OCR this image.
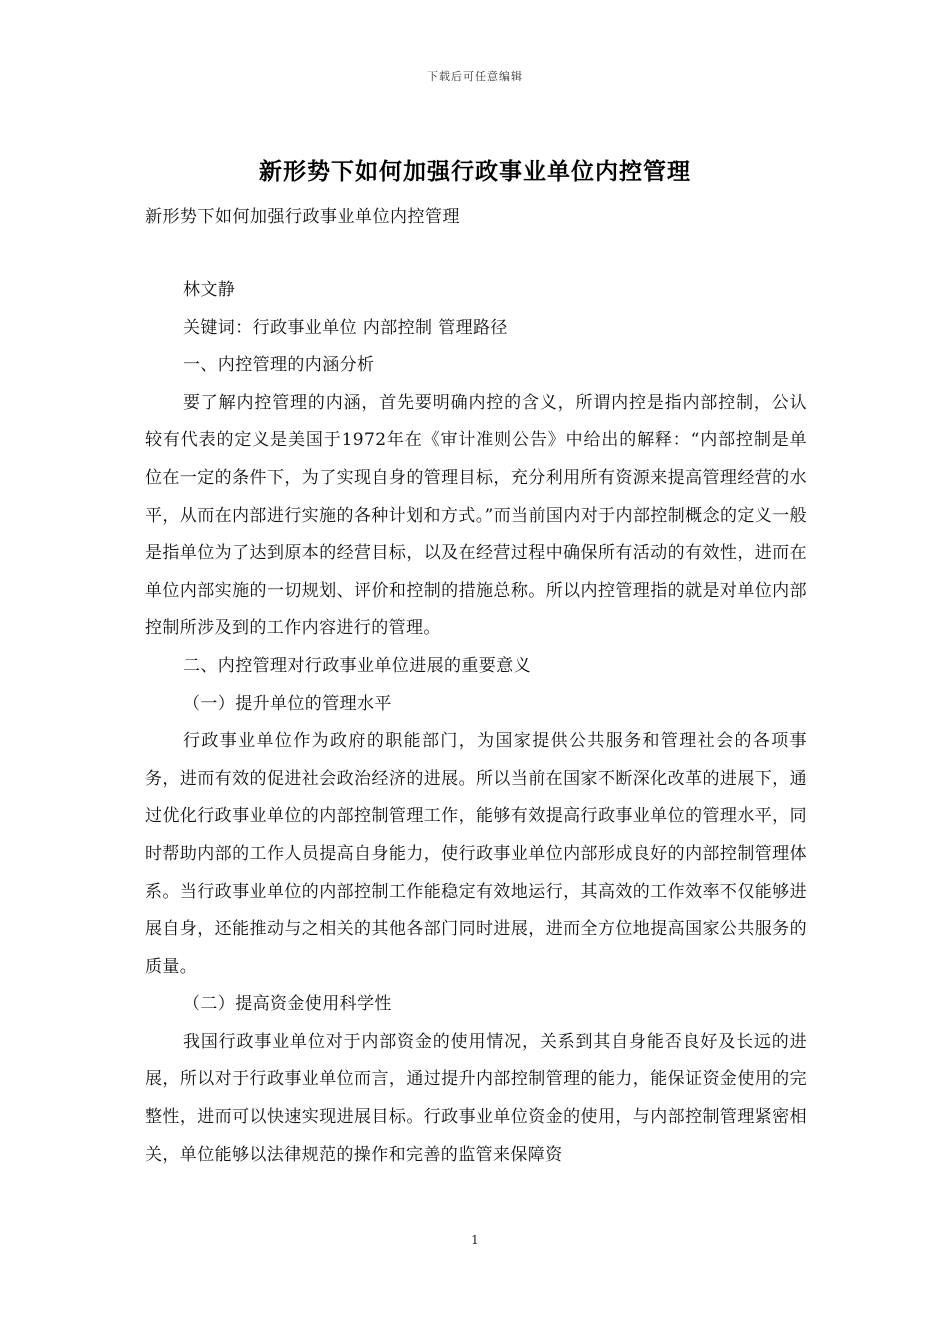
下载后可任意编辑
新形势下如何加强行政事业单位内控管理
新形势下如何加强行政事业单位内控管理

林文静

关键词：行政事业单位 内部控制 管理路径

一、内控管理的内涵分析

要了解内控管理的内涵，首先要明确内控的含义，所谓内控是指内部控制，公认较有代表的定义是美国于1972年在《审计准则公告》中给出的解释：“内部控制是单位在一定的条件下，为了实现自身的管理目标，充分利用所有资源来提高管理经营的水平，从而在内部进行实施的各种计划和方式。”而当前国内对于内部控制概念的定义一般是指单位为了达到原本的经营目标，以及在经营过程中确保所有活动的有效性，进而在单位内部实施的一切规划、评价和控制的措施总称。所以内控管理指的就是对单位内部控制所涉及到的工作内容进行的管理。

二、内控管理对行政事业单位进展的重要意义

（一）提升单位的管理水平

行政事业单位作为政府的职能部门，为国家提供公共服务和管理社会的各项事务，进而有效的促进社会政治经济的进展。所以当前在国家不断深化改革的进展下，通过优化行政事业单位的内部控制管理工作，能够有效提高行政事业单位的管理水平，同时帮助内部的工作人员提高自身能力，使行政事业单位内部形成良好的内部控制管理体系。当行政事业单位的内部控制工作能稳定有效地运行，其高效的工作效率不仅能够进展自身，还能推动与之相关的其他各部门同时进展，进而全方位地提高国家公共服务的质量。

（二）提高资金使用科学性

我国行政事业单位对于内部资金的使用情况，关系到其自身能否良好及长远的进展，所以对于行政事业单位而言，通过提升内部控制管理的能力，能保证资金使用的完整性，进而可以快速实现进展目标。行政事业单位资金的使用，与内部控制管理紧密相关，单位能够以法律规范的操作和完善的监管来保障资

1
